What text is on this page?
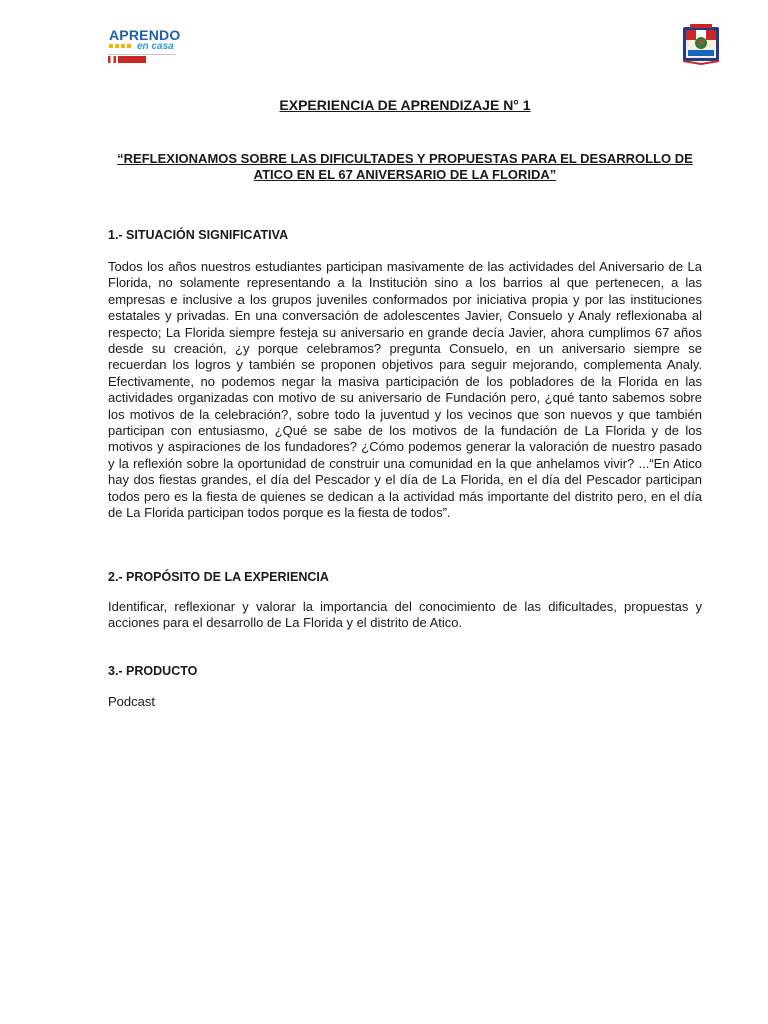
APRENDO
en casa
EXPERIENCIA DE APRENDIZAJE N° 1
“REFLEXIONAMOS SOBRE LAS DIFICULTADES Y PROPUESTAS PARA EL DESARROLLO DE ATICO EN EL 67 ANIVERSARIO DE LA FLORIDA”
1.- SITUACIÓN SIGNIFICATIVA

Todos los años nuestros estudiantes participan masivamente de las actividades del Aniversario de La Florida, no solamente representando a la Institución sino a los barrios al que pertenecen, a las empresas e inclusive a los grupos juveniles conformados por iniciativa propia y por las instituciones estatales y privadas. En una conversación de adolescentes Javier, Consuelo y Analy reflexionaba al respecto; La Florida siempre festeja su aniversario en grande decía Javier, ahora cumplimos 67 años desde su creación, ¿y porque celebramos? pregunta Consuelo, en un aniversario siempre se recuerdan los logros y también se proponen objetivos para seguir mejorando, complementa Analy. Efectivamente, no podemos negar la masiva participación de los pobladores de la Florida en las actividades organizadas con motivo de su aniversario de Fundación pero, ¿qué tanto sabemos sobre los motivos de la celebración?, sobre todo la juventud y los vecinos que son nuevos y que también participan con entusiasmo, ¿Qué se sabe de los motivos de la fundación de La Florida y de los motivos y aspiraciones de los fundadores? ¿Cómo podemos generar la valoración de nuestro pasado y la reflexión sobre la oportunidad de construir una comunidad en la que anhelamos vivir? ...“En Atico hay dos fiestas grandes, el día del Pescador y el día de La Florida, en el día del Pescador participan todos pero es la fiesta de quienes se dedican a la actividad más importante del distrito pero, en el día de La Florida participan todos porque es la fiesta de todos”.

2.- PROPÓSITO DE LA EXPERIENCIA

Identificar, reflexionar y valorar la importancia del conocimiento de las dificultades, propuestas y acciones para el desarrollo de La Florida y el distrito de Atico.

3.- PRODUCTO

Podcast
